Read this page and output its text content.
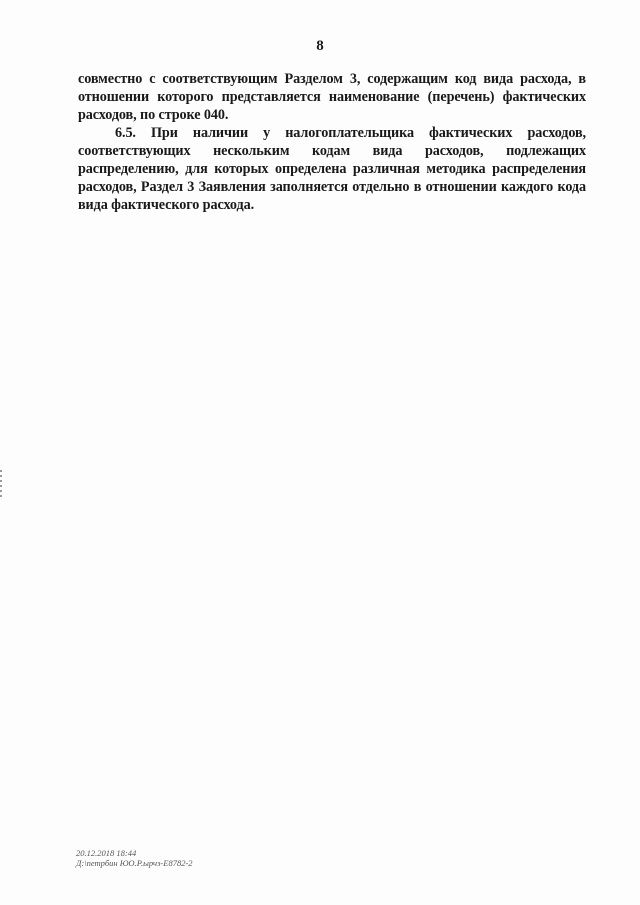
8

совместно с соответствующим Разделом 3, содержащим код вида расхода, в отношении которого представляется наименование (перечень) фактических расходов, по строке 040.

6.5. При наличии у налогоплательщика фактических расходов, соответствующих нескольким кодам вида расходов, подлежащих распределению, для которых определена различная методика распределения расходов, Раздел 3 Заявления заполняется отдельно в отношении каждого кода вида фактического расхода.

20.12.2018 18:44
Д:\петрбин ЮО.Р.ырчз-Е8782-2
